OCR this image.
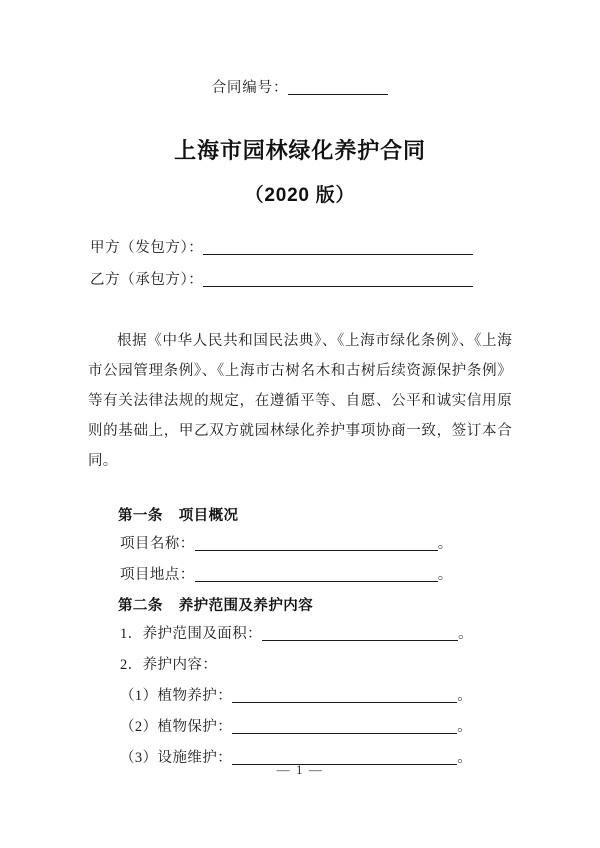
合同编号：
上海市园林绿化养护合同
（2020 版）
甲方（发包方）：
乙方（承包方）：
根据《中华人民共和国民法典》、《上海市绿化条例》、《上海市公园管理条例》、《上海市古树名木和古树后续资源保护条例》等有关法律法规的规定，在遵循平等、自愿、公平和诚实信用原则的基础上，甲乙双方就园林绿化养护事项协商一致，签订本合同。
第一条 项目概况
项目名称：	。
项目地点：	。
第二条 养护范围及养护内容
1．养护范围及面积：	。
2．养护内容：
（1）植物养护：	。
（2）植物保护：	。
（3）设施维护：	。
— 1 —
